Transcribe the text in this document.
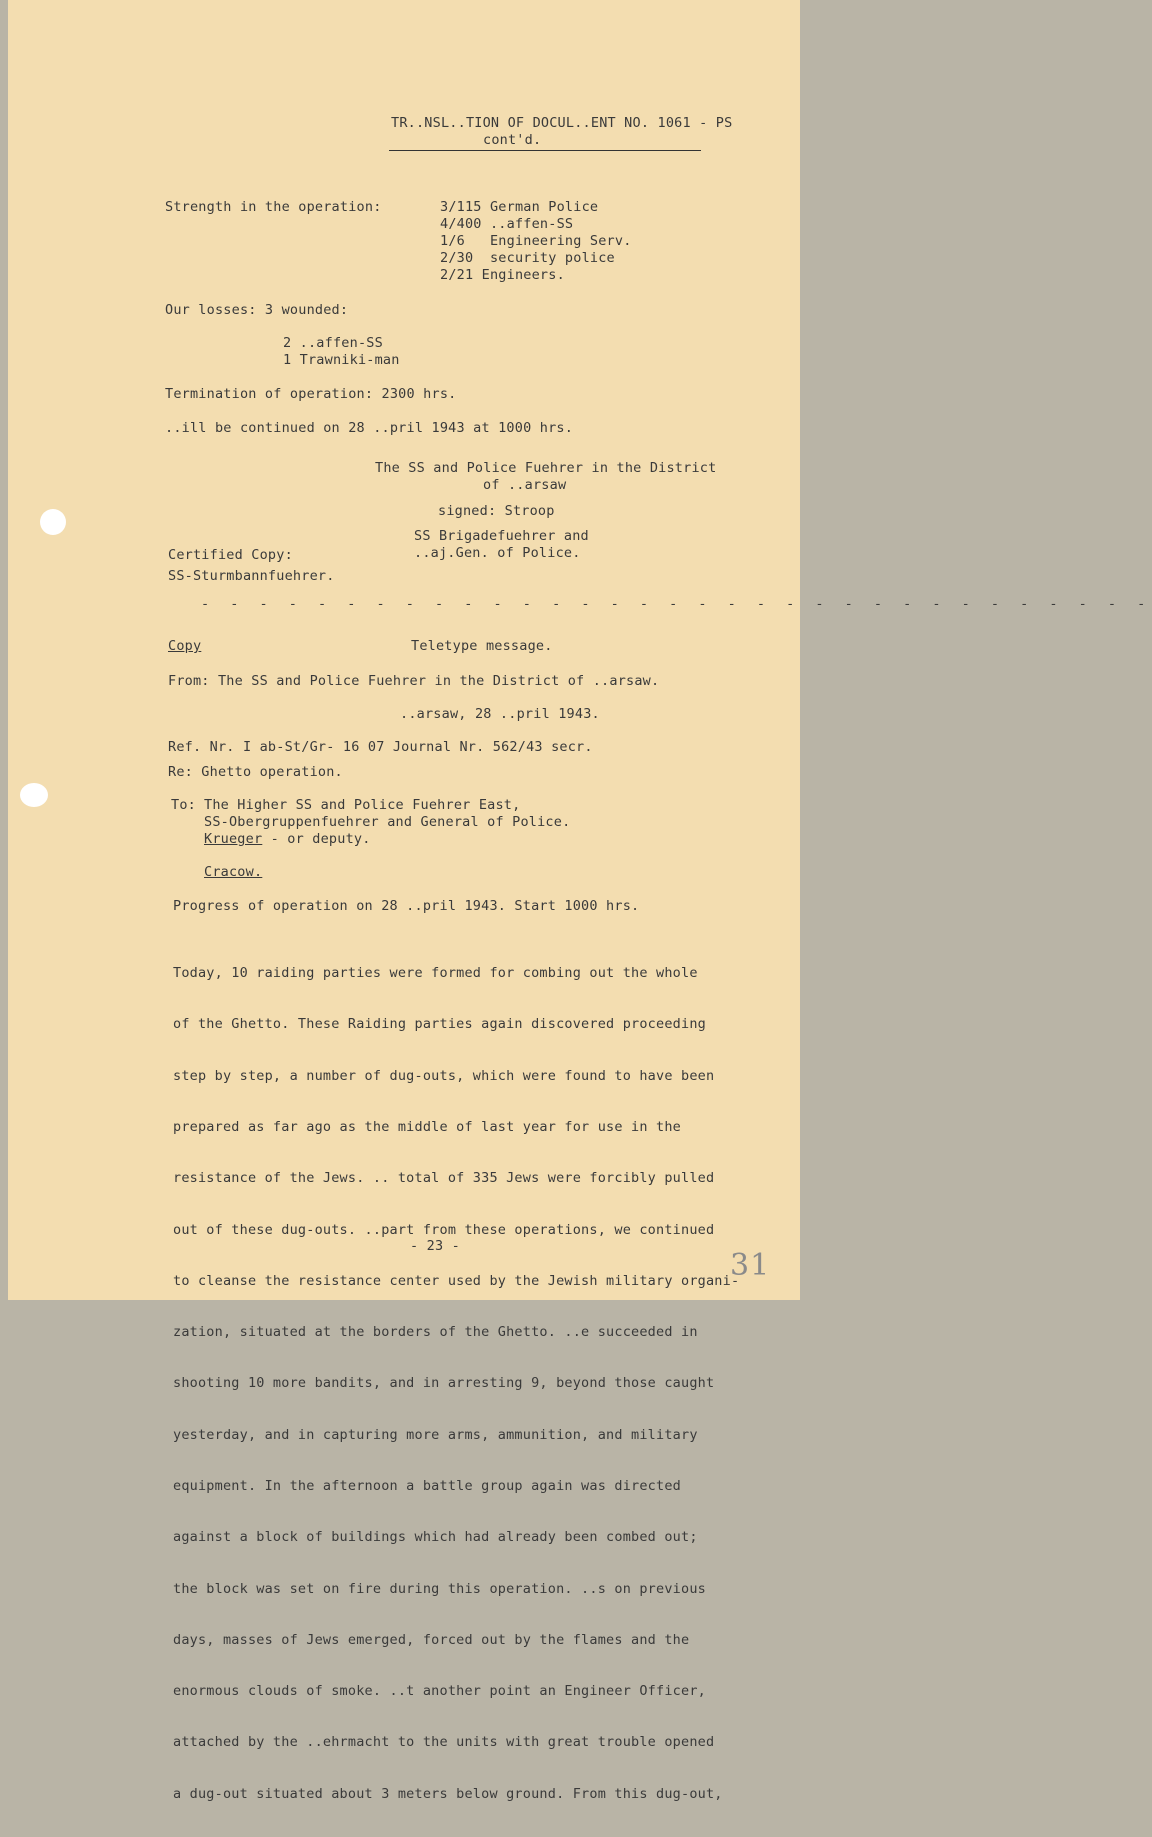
TR..NSL..TION OF DOCUL..ENT NO. 1061 - PS
cont'd.
Strength in the operation:	3/115 German Police
4/400 ..affen-SS
1/6   Engineering Serv.
2/30  security police
2/21 Engineers.
Our losses: 3 wounded:
2 ..affen-SS
1 Trawniki-man
Termination of operation: 2300 hrs.
..ill be continued on 28 ..pril 1943 at 1000 hrs.
The SS and Police Fuehrer in the District
of ..arsaw
signed: Stroop
SS Brigadefuehrer and
..aj.Gen. of Police.
Certified Copy:
SS-Sturmbannfuehrer.
- - - - - - - - - - - - - - - - - - - - - - - - - - - - - - - - -
Copy	Teletype message.
From: The SS and Police Fuehrer in the District of ..arsaw.
..arsaw, 28 ..pril 1943.
Ref. Nr. I ab-St/Gr- 16 07 Journal Nr. 562/43 secr.
Re: Ghetto operation.
To: The Higher SS and Police Fuehrer East,
SS-Obergruppenfuehrer and General of Police.
Krueger - or deputy.
Cracow.
Progress of operation on 28 ..pril 1943. Start 1000 hrs.

Today, 10 raiding parties were formed for combing out the whole

of the Ghetto. These Raiding parties again discovered proceeding

step by step, a number of dug-outs, which were found to have been

prepared as far ago as the middle of last year for use in the

resistance of the Jews. .. total of 335 Jews were forcibly pulled

out of these dug-outs. ..part from these operations, we continued

to cleanse the resistance center used by the Jewish military organi-

zation, situated at the borders of the Ghetto. ..e succeeded in

shooting 10 more bandits, and in arresting 9, beyond those caught

yesterday, and in capturing more arms, ammunition, and military

equipment. In the afternoon a battle group again was directed

against a block of buildings which had already been combed out;

the block was set on fire during this operation. ..s on previous

days, masses of Jews emerged, forced out by the flames and the

enormous clouds of smoke. ..t another point an Engineer Officer,

attached by the ..ehrmacht to the units with great trouble opened

a dug-out situated about 3 meters below ground. From this dug-out,

- 23 -
31
